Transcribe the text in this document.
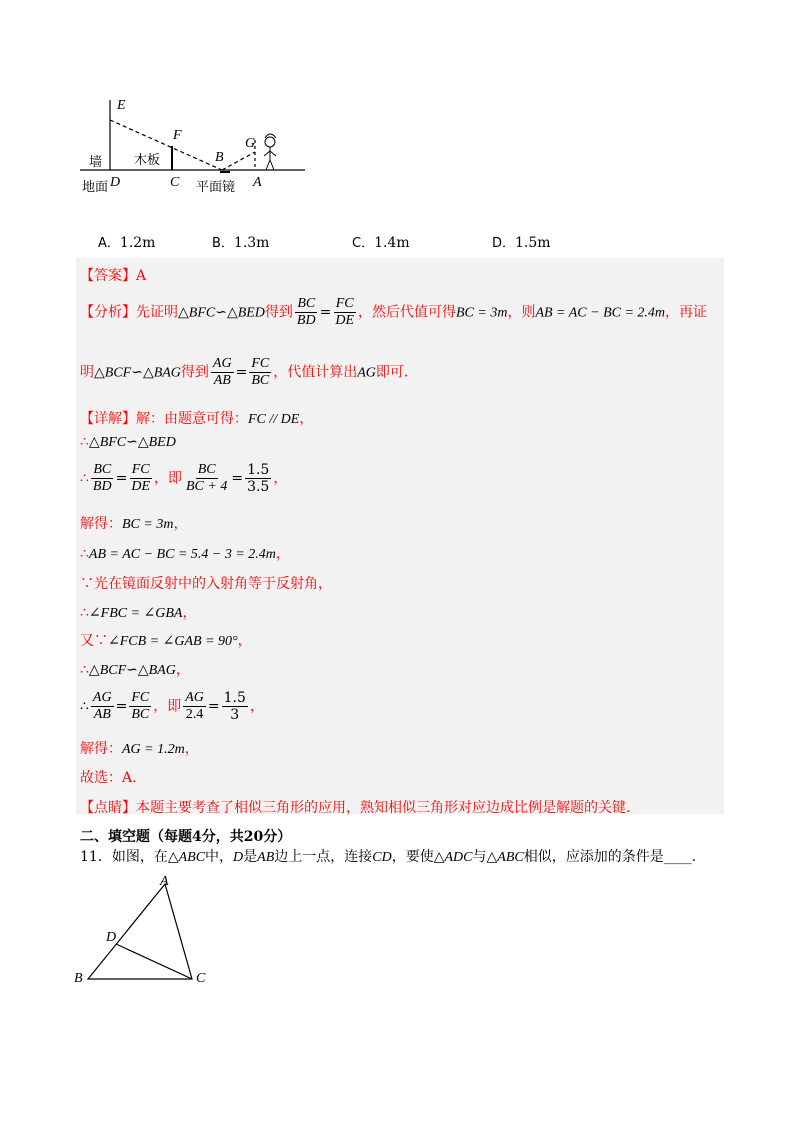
E
F
G
墙 木板	B
地面 D	C 平面镜 A
A．1.2m	B．1.3m	C．1.4m	D．1.5m
【答案】A
【分析】先证明△BFC∽△BED得到 $\frac{BC}{BD} = \frac{FC}{DE}$ ，然后代值可得BC = 3m，则AB = AC − BC = 2.4m，再证
明△BCF∽△BAG得到 $\frac{AG}{AB} = \frac{FC}{BC}$ ，代值计算出AG即可.
【详解】解：由题意可得：FC // DE，
∴△BFC∽△BED
∴ $\frac{BC}{BD} = \frac{FC}{DE}$ ，即 $\frac{BC}{BC + 4} = \frac{1.5}{3.5}$ ，
解得：BC = 3m，
∴AB = AC − BC = 5.4 − 3 = 2.4m，
∵光在镜面反射中的入射角等于反射角，
∴∠FBC = ∠GBA，
又∵∠FCB = ∠GAB = 90°，
∴△BCF∽△BAG，
∴ $\frac{AG}{AB} = \frac{FC}{BC}$ ，即 $\frac{AG}{2.4} = \frac{1.5}{3}$ ，
解得：AG = 1.2m，
故选：A.
【点睛】本题主要考查了相似三角形的应用，熟知相似三角形对应边成比例是解题的关键.
二、填空题（每题4分，共20分）
11．如图，在△ABC中，D是AB边上一点，连接CD，要使△ADC与△ABC相似，应添加的条件是____.
A
D
B	C
